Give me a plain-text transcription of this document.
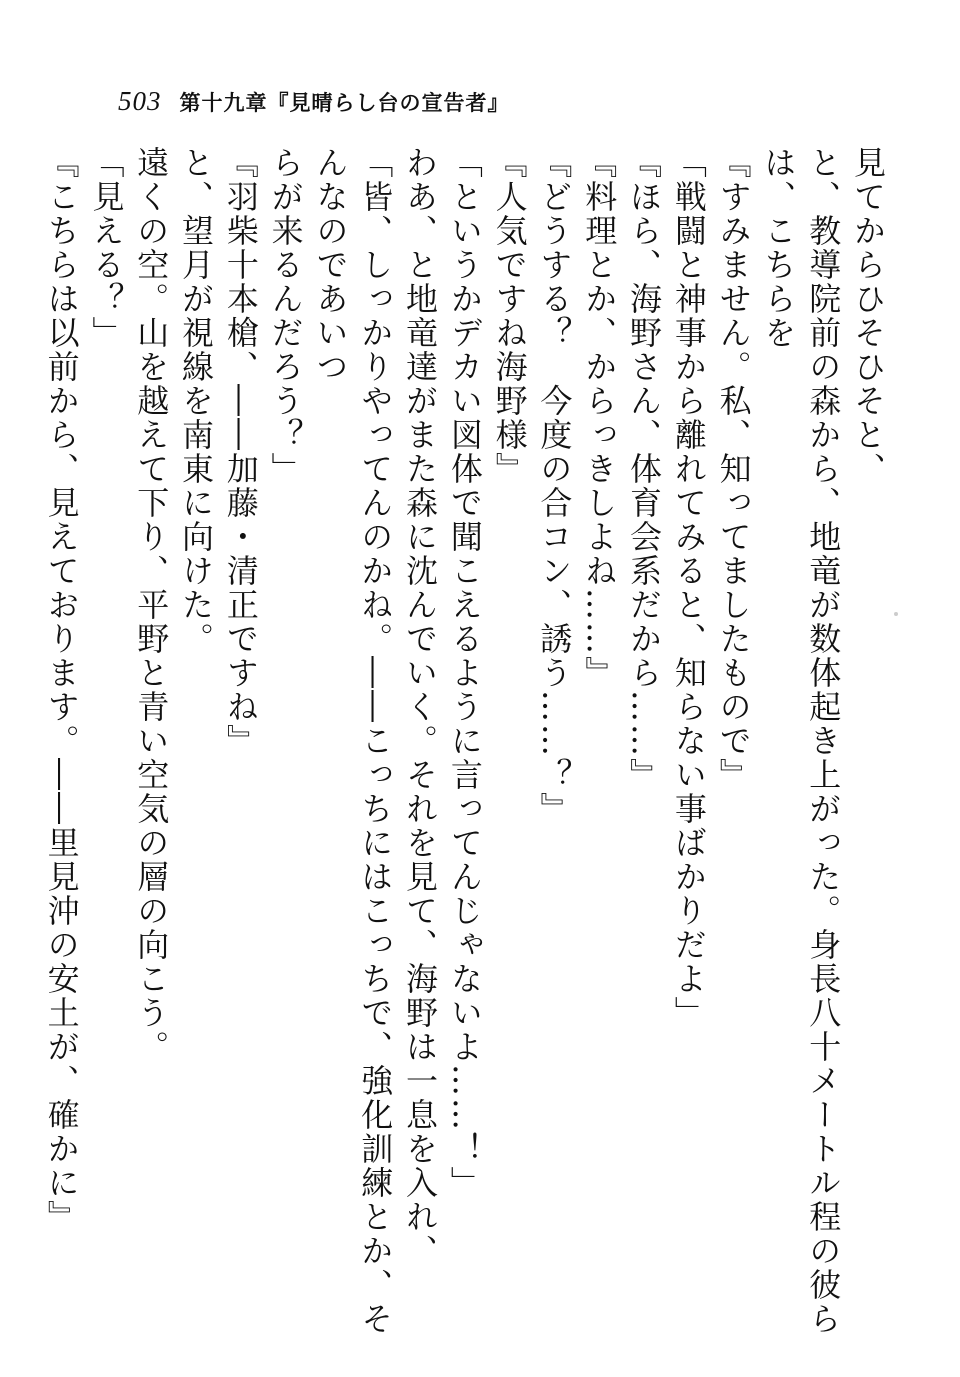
503 第十九章『見晴らし台の宣告者』

見てからひそひそと、

と、教導院前の森から、地竜が数体起き上がった。身長八十メートル程の彼らは、こちらを

『すみません。私、知ってましたもので』

「戦闘と神事から離れてみると、知らない事ばかりだよ」

『ほら、海野さん、体育会系だから……』

『料理とか、からっきしよね……』

『どうする？　今度の合コン、誘う……？』

『人気ですね海野様』

「というかデカい図体で聞こえるように言ってんじゃないよ……！」

わあ、と地竜達がまた森に沈んでいく。それを見て、海野は一息を入れ、

「皆、しっかりやってんのかね。――こっちにはこっちで、強化訓練とか、そんなのであいつ

らが来るんだろう？」

『羽柴十本槍、――加藤・清正ですね』

と、望月が視線を南東に向けた。

遠くの空。山を越えて下り、平野と青い空気の層の向こう。

「見える？」

『こちらは以前から、見えております。――里見沖の安土が、確かに』
